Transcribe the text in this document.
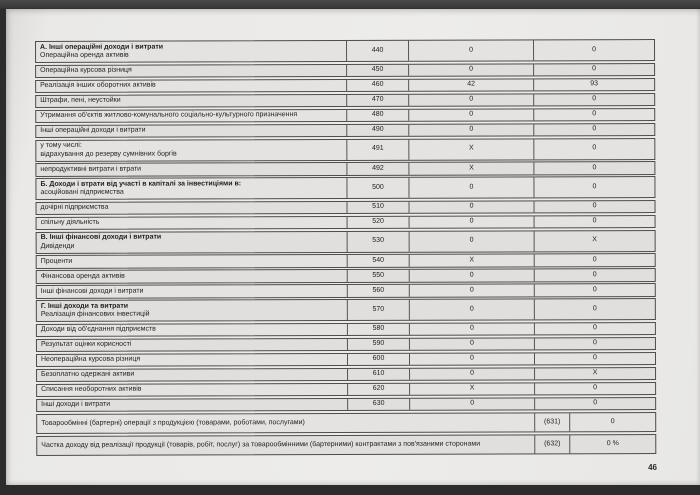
А. Інші операційні доходи і витрати
Операційна оренда активів
440	0	0
Операційна курсова різниця	450	0	0
Реалізація інших оборотних активів	460	42	93
Штрафи, пені, неустойки	470	0	0
Утримання об'єктів житлово-комунального соціально-культурного призначення	480	0	0
Інші операційні доходи і витрати	490	0	0
у тому числі:
відрахування до резерву сумнівних боргів
491	X	0
непродуктивні витрати і втрати	492	X	0
Б. Доходи і втрати від участі в капіталі за інвестиціями в:
асоційовані підприємства
500	0	0
дочірні підприємства	510	0	0
спільну діяльність	520	0	0
В. Інші фінансові доходи і витрати
Дивіденди
530	0	X
Проценти	540	X	0
Фінансова оренда активів	550	0	0
Інші фінансові доходи і витрати	560	0	0
Г. Інші доходи та витрати
Реалізація фінансових інвестицій
570	0	0
Доходи від об'єднання підприємств	580	0	0
Результат оцінки корисності	590	0	0
Неопераційна курсова різниця	600	0	0
Безоплатно одержані активи	610	0	X
Списання необоротних активів	620	X	0
Інші доходи і витрати	630	0	0
Товарообмінні (бартерні) операції з продукцією (товарами, роботами, послугами)	(631)	0
Частка доходу від реалізації продукції (товарів, робіт, послуг) за товарообмінними (бартерними) контрактами з пов'язаними сторонами	(632)	0 %
46
